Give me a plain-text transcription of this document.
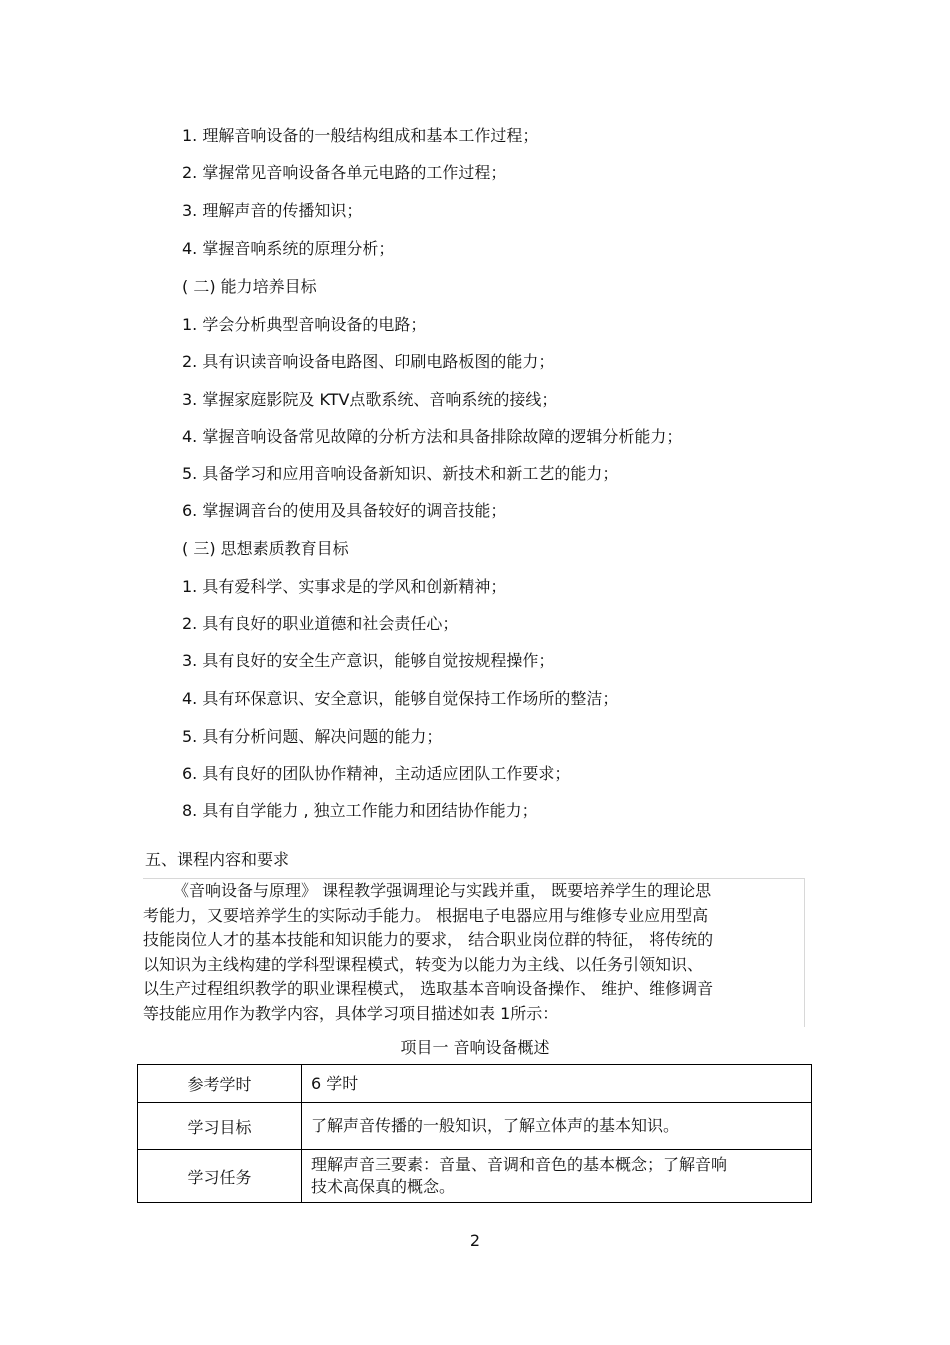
1. 理解音响设备的一般结构组成和基本工作过程；
2. 掌握常见音响设备各单元电路的工作过程；
3. 理解声音的传播知识；
4. 掌握音响系统的原理分析；
( 二) 能力培养目标
1. 学会分析典型音响设备的电路；
2. 具有识读音响设备电路图、印刷电路板图的能力；
3. 掌握家庭影院及 KTV点歌系统、音响系统的接线；
4. 掌握音响设备常见故障的分析方法和具备排除故障的逻辑分析能力；
5. 具备学习和应用音响设备新知识、新技术和新工艺的能力；
6. 掌握调音台的使用及具备较好的调音技能；
( 三) 思想素质教育目标
1. 具有爱科学、实事求是的学风和创新精神；
2. 具有良好的职业道德和社会责任心；
3. 具有良好的安全生产意识，能够自觉按规程操作；
4. 具有环保意识、安全意识，能够自觉保持工作场所的整洁；
5. 具有分析问题、解决问题的能力；
6. 具有良好的团队协作精神，主动适应团队工作要求；
8. 具有自学能力 , 独立工作能力和团结协作能力；
五、课程内容和要求
《音响设备与原理》 课程教学强调理论与实践并重， 既要培养学生的理论思
考能力，又要培养学生的实际动手能力。 根据电子电器应用与维修专业应用型高
技能岗位人才的基本技能和知识能力的要求， 结合职业岗位群的特征， 将传统的
以知识为主线构建的学科型课程模式，转变为以能力为主线、以任务引领知识、
以生产过程组织教学的职业课程模式， 选取基本音响设备操作、 维护、维修调音
等技能应用作为教学内容，具体学习项目描述如表 1所示：
项目一 音响设备概述
参考学时	6 学时
学习目标	了解声音传播的一般知识，了解立体声的基本知识。
学习任务	理解声音三要素：音量、音调和音色的基本概念；了解音响
技术高保真的概念。
2
